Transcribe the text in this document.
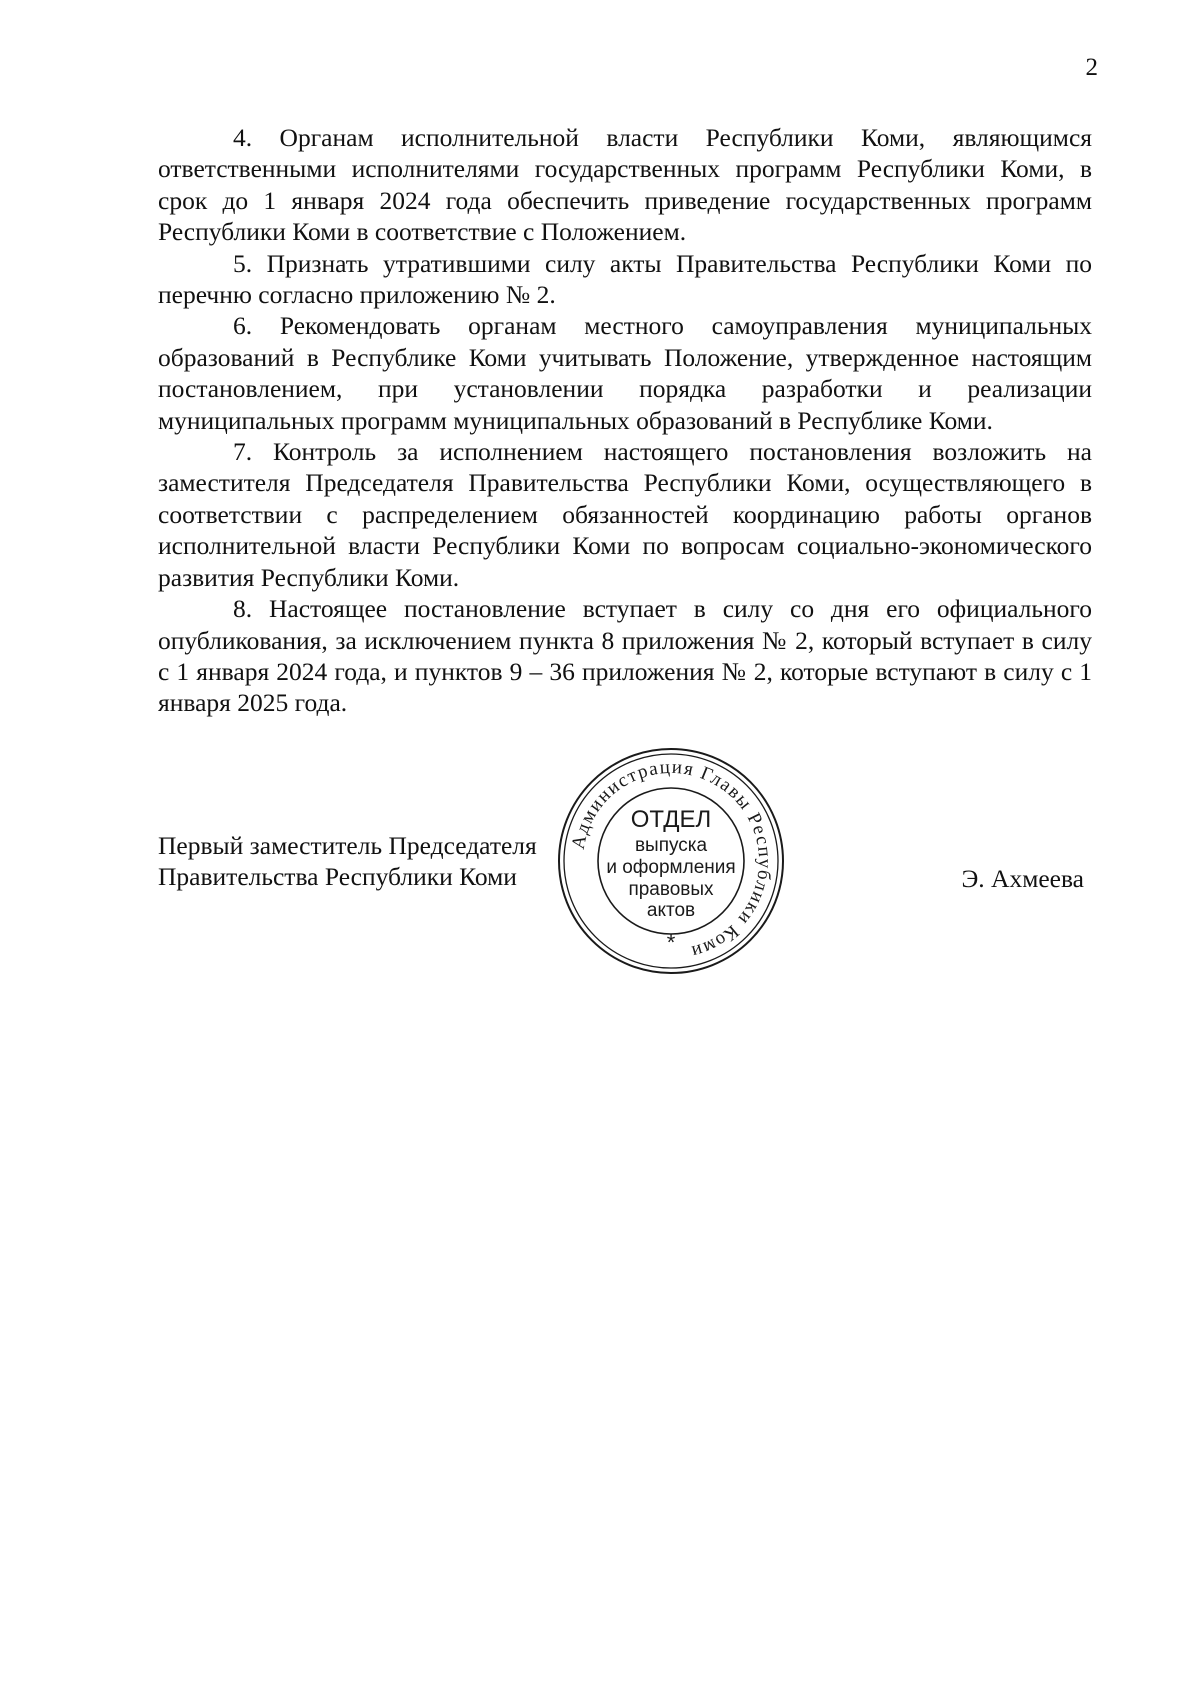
2

4. Органам исполнительной власти Республики Коми, являющимся ответственными исполнителями государственных программ Республики Коми, в срок до 1 января 2024 года обеспечить приведение государственных программ Республики Коми в соответствие с Положением.

5. Признать утратившими силу акты Правительства Республики Коми по перечню согласно приложению № 2.

6. Рекомендовать органам местного самоуправления муниципальных образований в Республике Коми учитывать Положение, утвержденное настоящим постановлением, при установлении порядка разработки и реализации муниципальных программ муниципальных образований в Республике Коми.

7. Контроль за исполнением настоящего постановления возложить на заместителя Председателя Правительства Республики Коми, осуществляющего в соответствии с распределением обязанностей координацию работы органов исполнительной власти Республики Коми по вопросам социально-экономического развития Республики Коми.

8. Настоящее постановление вступает в силу со дня его официального опубликования, за исключением пункта 8 приложения № 2, который вступает в силу с 1 января 2024 года, и пунктов 9 – 36 приложения № 2, которые вступают в силу с 1 января 2025 года.

Первый заместитель Председателя
Правительства Республики Коми	Э. Ахмеева
Администрация Главы Республики Коми
ОТДЕЛ
выпуска
и оформления
правовых
актов
*
